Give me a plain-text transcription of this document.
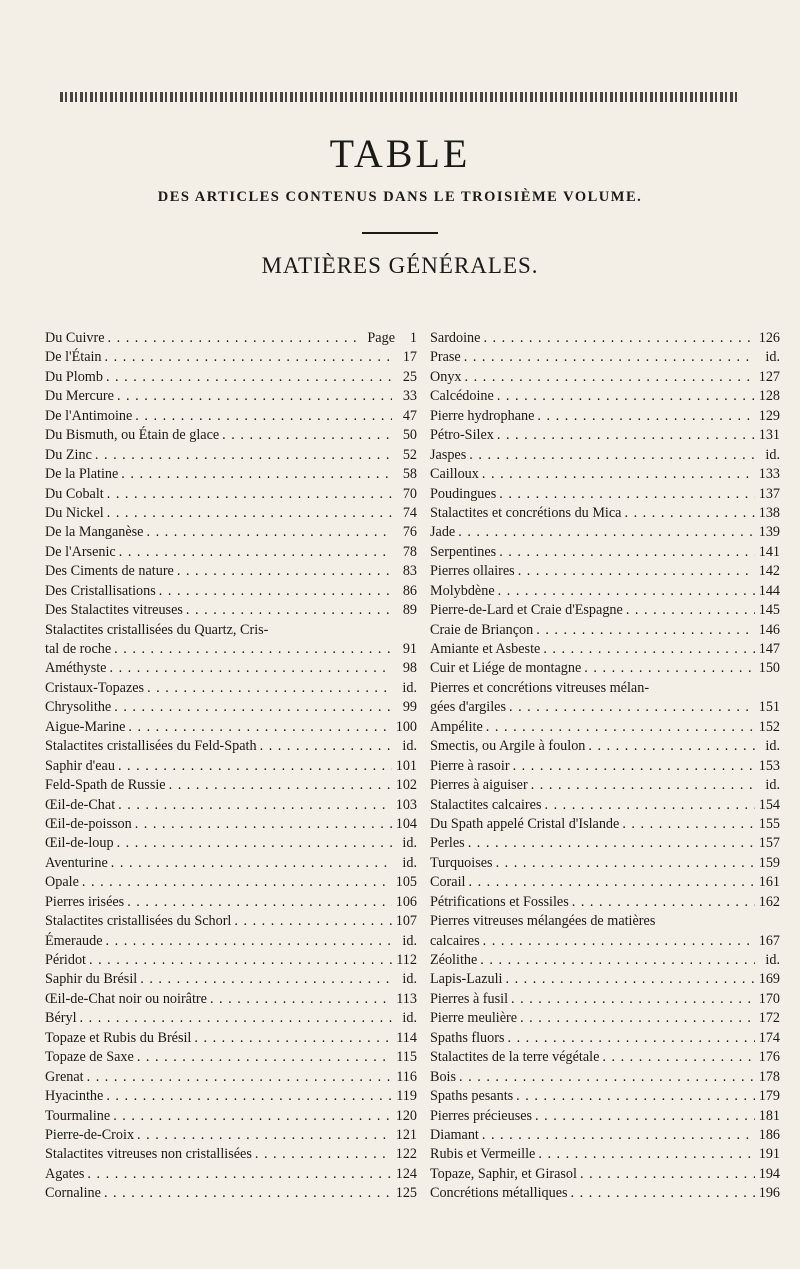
TABLE
DES ARTICLES CONTENUS DANS LE TROISIÈME VOLUME.
MATIÈRES GÉNÉRALES.
Du Cuivre . . .	Page	1
De l'Étain . . .	17
Du Plomb . . .	25
Du Mercure . . .	33
De l'Antimoine . . .	47
Du Bismuth, ou Étain de glace . . .	50
Du Zinc . . .	52
De la Platine . . .	58
Du Cobalt . . .	70
Du Nickel . . .	74
De la Manganèse . . .	76
De l'Arsenic . . .	78
Des Ciments de nature . . .	83
Des Cristallisations . . .	86
Des Stalactites vitreuses . . .	89
Stalactites cristallisées du Quartz, Cris-
tal de roche . . .	91
Améthyste . . .	98
Cristaux-Topazes . . .	id.
Chrysolithe . . .	99
Aigue-Marine . . .	100
Stalactites cristallisées du Feld-Spath . . .	id.
Saphir d'eau . . .	101
Feld-Spath de Russie . . .	102
Œil-de-Chat . . .	103
Œil-de-poisson . . .	104
Œil-de-loup . . .	id.
Aventurine . . .	id.
Opale . . .	105
Pierres irisées . . .	106
Stalactites cristallisées du Schorl . . .	107
Émeraude . . .	id.
Péridot . . .	112
Saphir du Brésil . . .	id.
Œil-de-Chat noir ou noirâtre . . .	113
Béryl . . .	id.
Topaze et Rubis du Brésil . . .	114
Topaze de Saxe . . .	115
Grenat . . .	116
Hyacinthe . . .	119
Tourmaline . . .	120
Pierre-de-Croix . . .	121
Stalactites vitreuses non cristallisées . . .	122
Agates . . .	124
Cornaline . . .	125
Sardoine . . .	126
Prase . . .	id.
Onyx . . .	127
Calcédoine . . .	128
Pierre hydrophane . . .	129
Pétro-Silex . . .	131
Jaspes . . .	id.
Cailloux . . .	133
Poudingues . . .	137
Stalactites et concrétions du Mica . . .	138
Jade . . .	139
Serpentines . . .	141
Pierres ollaires . . .	142
Molybdène . . .	144
Pierre-de-Lard et Craie d'Espagne . . .	145
Craie de Briançon . . .	146
Amiante et Asbeste . . .	147
Cuir et Liége de montagne . . .	150
Pierres et concrétions vitreuses mélan-
gées d'argiles . . .	151
Ampélite . . .	152
Smectis, ou Argile à foulon . . .	id.
Pierre à rasoir . . .	153
Pierres à aiguiser . . .	id.
Stalactites calcaires . . .	154
Du Spath appelé Cristal d'Islande . . .	155
Perles . . .	157
Turquoises . . .	159
Corail . . .	161
Pétrifications et Fossiles . . .	162
Pierres vitreuses mélangées de matières
calcaires . . .	167
Zéolithe . . .	id.
Lapis-Lazuli . . .	169
Pierres à fusil . . .	170
Pierre meulière . . .	172
Spaths fluors . . .	174
Stalactites de la terre végétale . . .	176
Bois . . .	178
Spaths pesants . . .	179
Pierres précieuses . . .	181
Diamant . . .	186
Rubis et Vermeille . . .	191
Topaze, Saphir, et Girasol . . .	194
Concrétions métalliques . . .	196
